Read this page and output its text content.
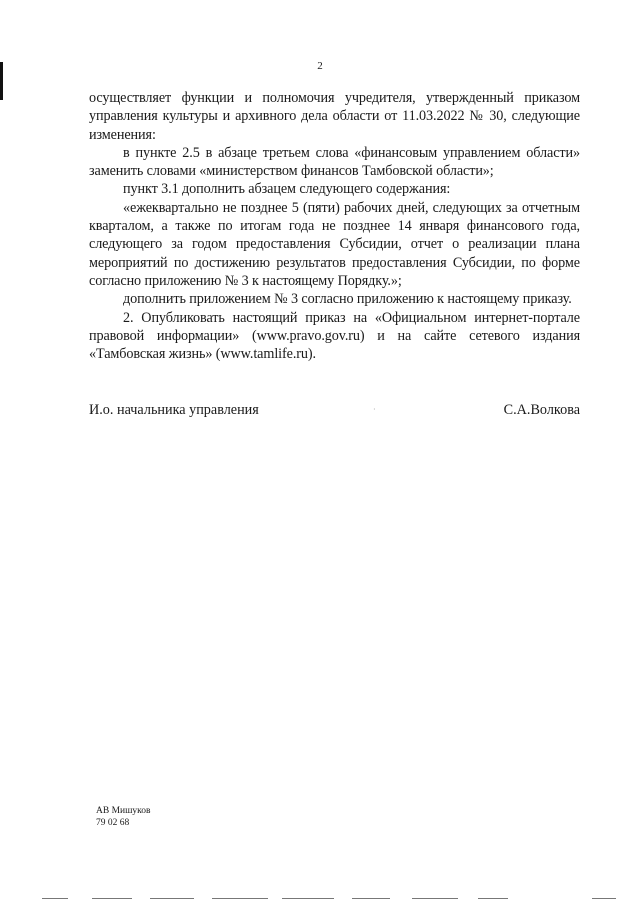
2

осуществляет функции и полномочия учредителя, утвержденный приказом управления культуры и архивного дела области от 11.03.2022 № 30, следующие изменения:

в пункте 2.5 в абзаце третьем слова «финансовым управлением области» заменить словами «министерством финансов Тамбовской области»;

пункт 3.1 дополнить абзацем следующего содержания:

«ежеквартально не позднее 5 (пяти) рабочих дней, следующих за отчетным кварталом, а также по итогам года не позднее 14 января финансового года, следующего за годом предоставления Субсидии, отчет о реализации плана мероприятий по достижению результатов предоставления Субсидии, по форме согласно приложению № 3 к настоящему Порядку.»;

дополнить приложением № 3 согласно приложению к настоящему приказу.

2. Опубликовать настоящий приказ на «Официальном интернет-портале правовой информации» (www.pravo.gov.ru) и на сайте сетевого издания «Тамбовская жизнь» (www.tamlife.ru).

И.о. начальника управления	·	С.А.Волкова
АВ Мишуков
79 02 68
